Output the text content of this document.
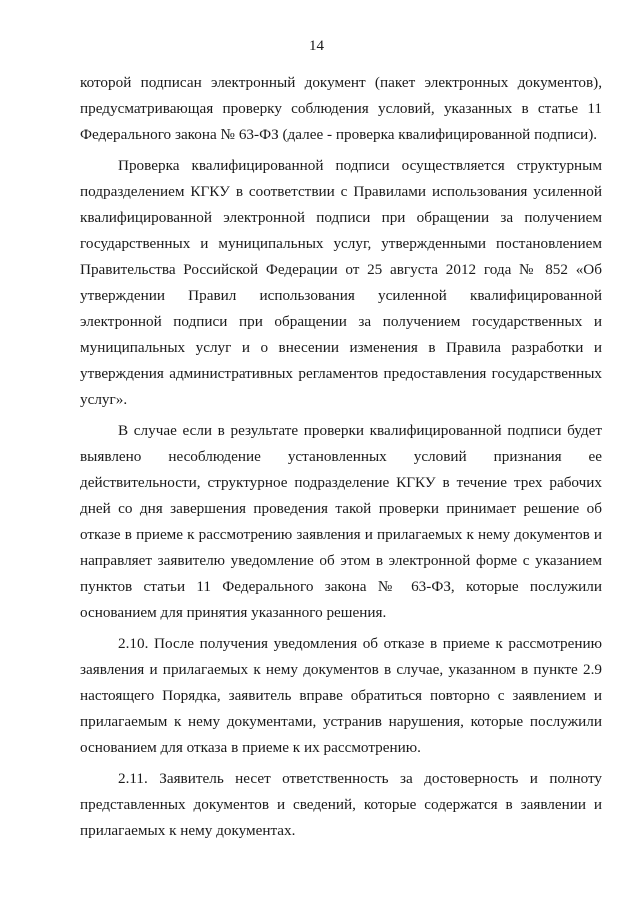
14
которой подписан электронный документ (пакет электронных документов),
предусматривающая проверку соблюдения условий, указанных в статье 11
Федерального закона № 63-ФЗ (далее - проверка квалифицированной подписи).
Проверка квалифицированной подписи осуществляется структурным
подразделением КГКУ в соответствии с Правилами использования усиленной
квалифицированной электронной подписи при обращении за получением
государственных и муниципальных услуг, утвержденными постановлением
Правительства Российской Федерации от 25 августа 2012 года № 852 «Об
утверждении Правил использования усиленной квалифицированной
электронной подписи при обращении за получением государственных и
муниципальных услуг и о внесении изменения в Правила разработки и
утверждения административных регламентов предоставления государственных
услуг».
В случае если в результате проверки квалифицированной подписи будет
выявлено несоблюдение установленных условий признания ее
действительности, структурное подразделение КГКУ в течение трех рабочих
дней со дня завершения проведения такой проверки принимает решение об
отказе в приеме к рассмотрению заявления и прилагаемых к нему документов и
направляет заявителю уведомление об этом в электронной форме с указанием
пунктов статьи 11 Федерального закона № 63-ФЗ, которые послужили
основанием для принятия указанного решения.
2.10. После получения уведомления об отказе в приеме к рассмотрению
заявления и прилагаемых к нему документов в случае, указанном в пункте 2.9
настоящего Порядка, заявитель вправе обратиться повторно с заявлением и
прилагаемым к нему документами, устранив нарушения, которые послужили
основанием для отказа в приеме к их рассмотрению.
2.11. Заявитель несет ответственность за достоверность и полноту
представленных документов и сведений, которые содержатся в заявлении и
прилагаемых к нему документах.
